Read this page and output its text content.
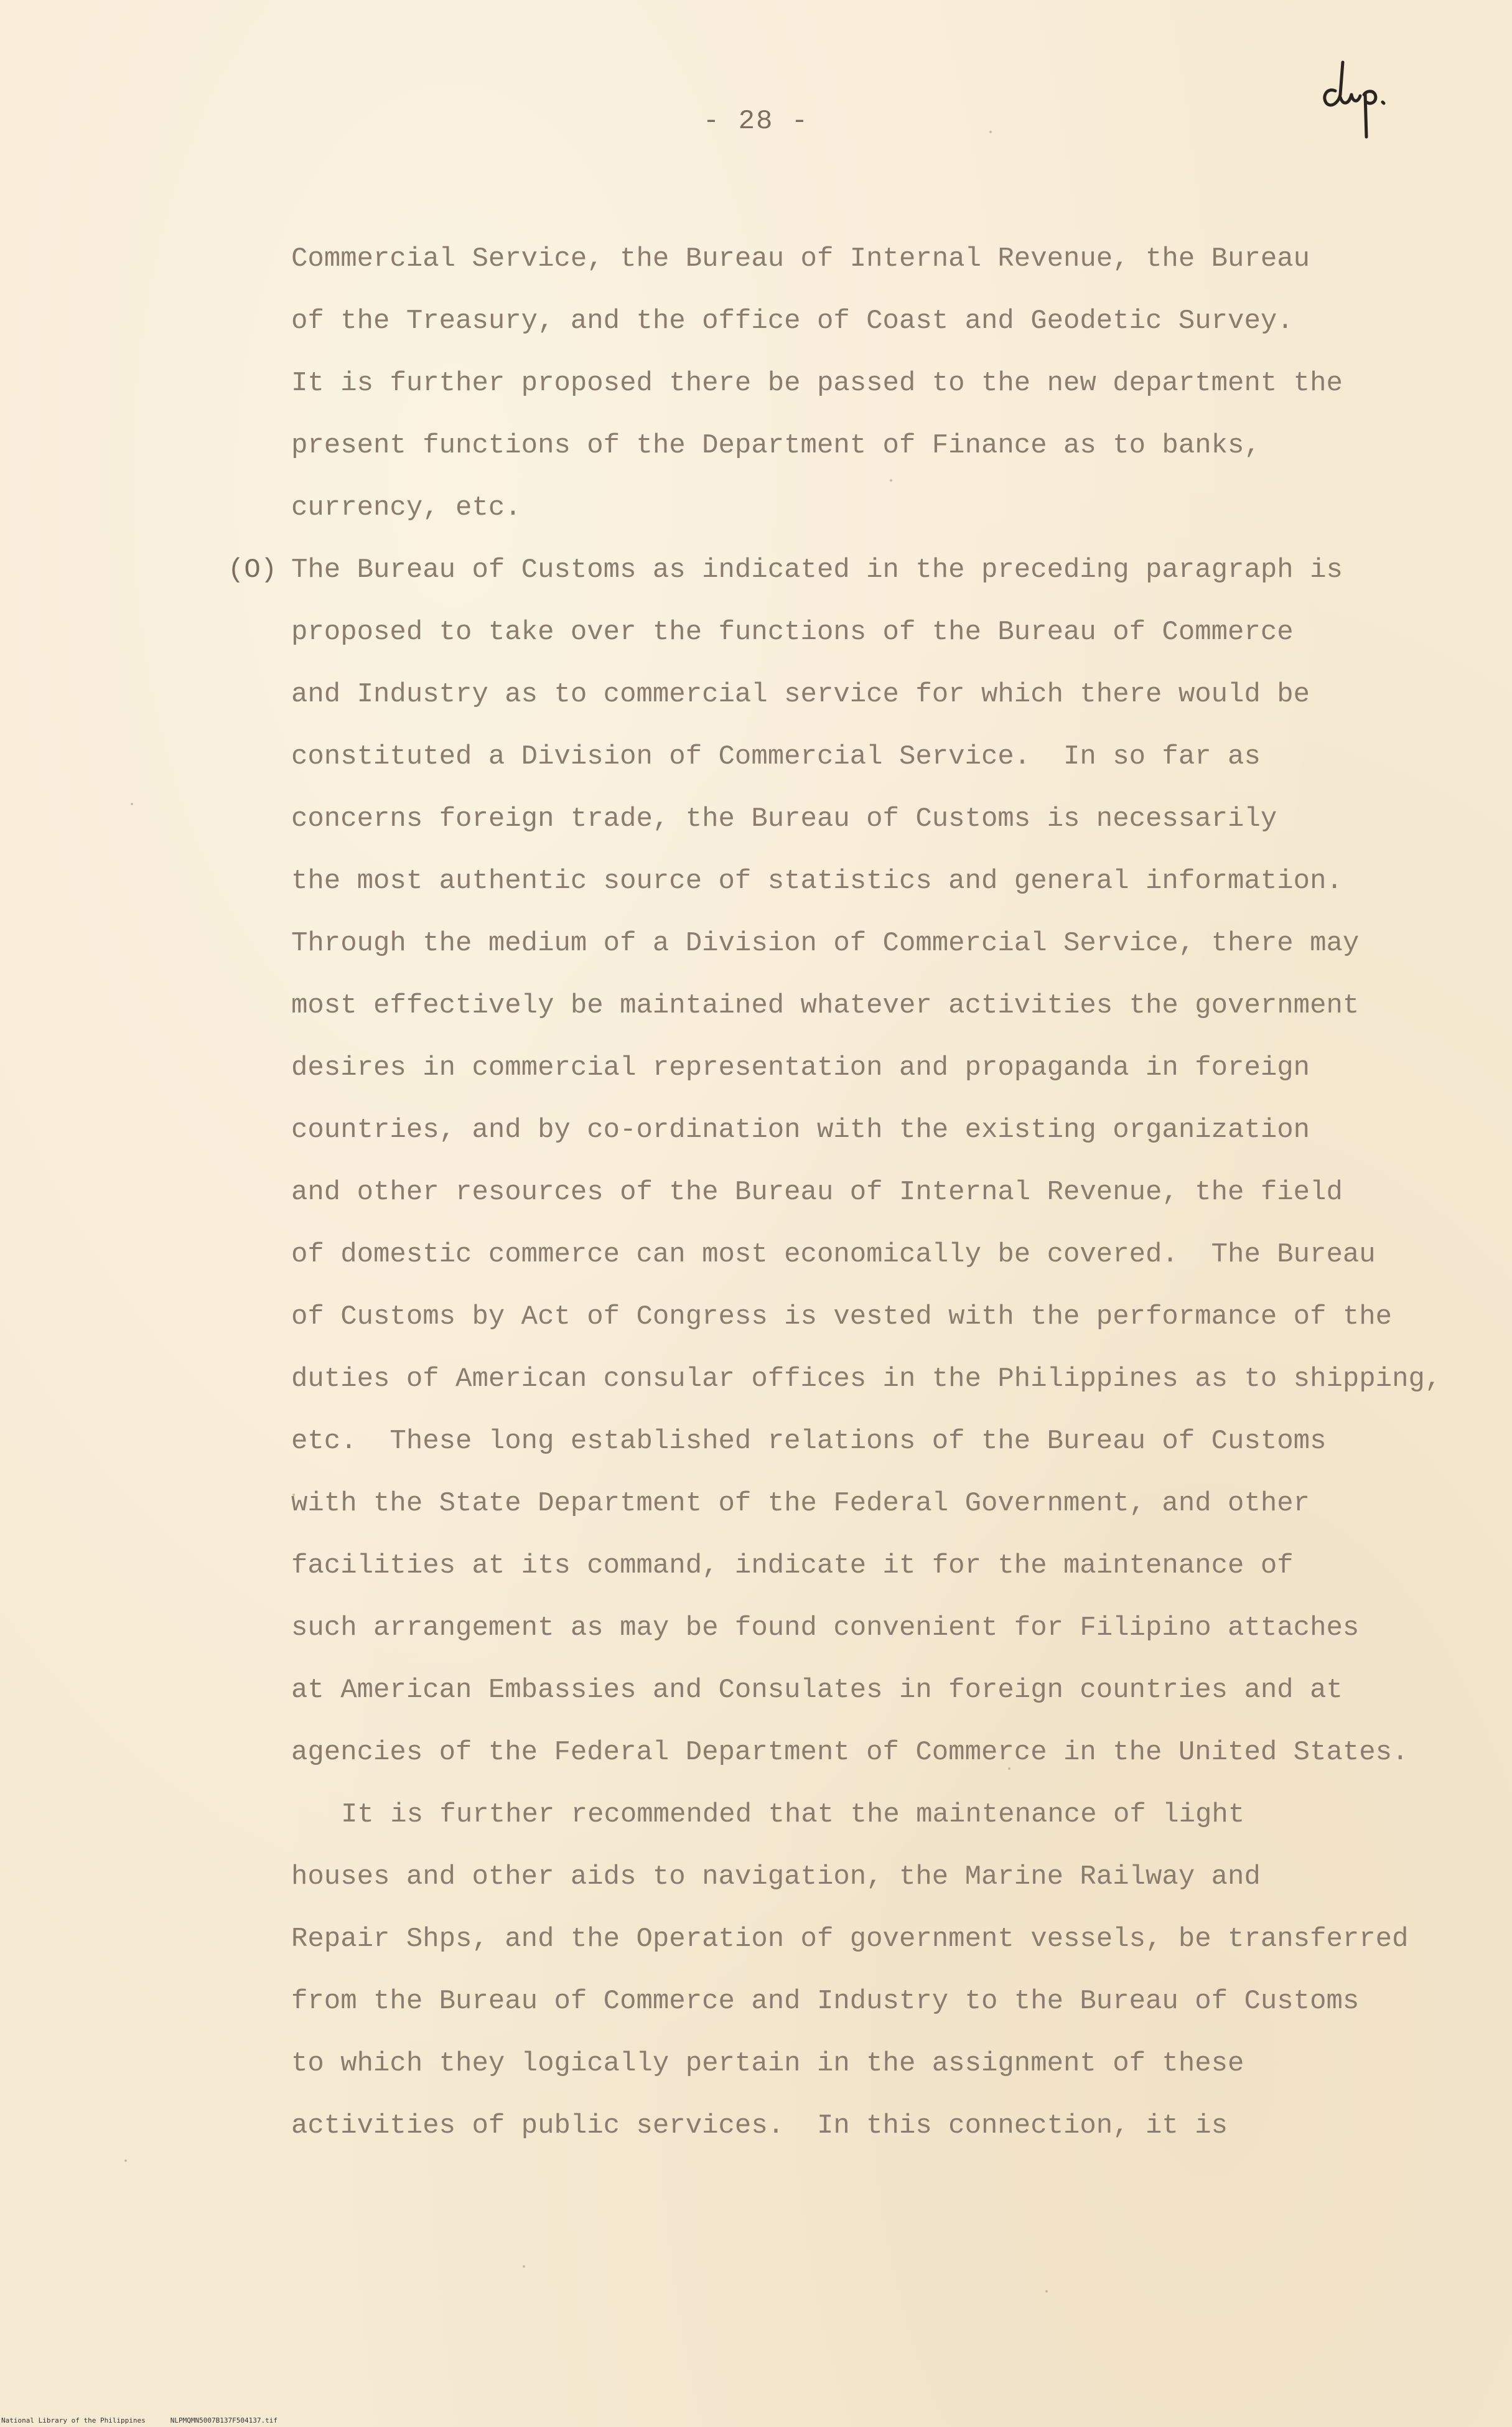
- 28 -
(O)
Commercial Service, the Bureau of Internal Revenue, the Bureau
of the Treasury, and the office of Coast and Geodetic Survey.
It is further proposed there be passed to the new department the
present functions of the Department of Finance as to banks,
currency, etc.
The Bureau of Customs as indicated in the preceding paragraph is
proposed to take over the functions of the Bureau of Commerce
and Industry as to commercial service for which there would be
constituted a Division of Commercial Service.  In so far as
concerns foreign trade, the Bureau of Customs is necessarily
the most authentic source of statistics and general information.
Through the medium of a Division of Commercial Service, there may
most effectively be maintained whatever activities the government
desires in commercial representation and propaganda in foreign
countries, and by co-ordination with the existing organization
and other resources of the Bureau of Internal Revenue, the field
of domestic commerce can most economically be covered.  The Bureau
of Customs by Act of Congress is vested with the performance of the
duties of American consular offices in the Philippines as to shipping,
etc.  These long established relations of the Bureau of Customs
with the State Department of the Federal Government, and other
facilities at its command, indicate it for the maintenance of
such arrangement as may be found convenient for Filipino attaches
at American Embassies and Consulates in foreign countries and at
agencies of the Federal Department of Commerce in the United States.
It is further recommended that the maintenance of light
houses and other aids to navigation, the Marine Railway and
Repair Shps, and the Operation of government vessels, be transferred
from the Bureau of Commerce and Industry to the Bureau of Customs
to which they logically pertain in the assignment of these
activities of public services.  In this connection, it is
National Library of the Philippines	NLPMQMN5007B137F504137.tif
